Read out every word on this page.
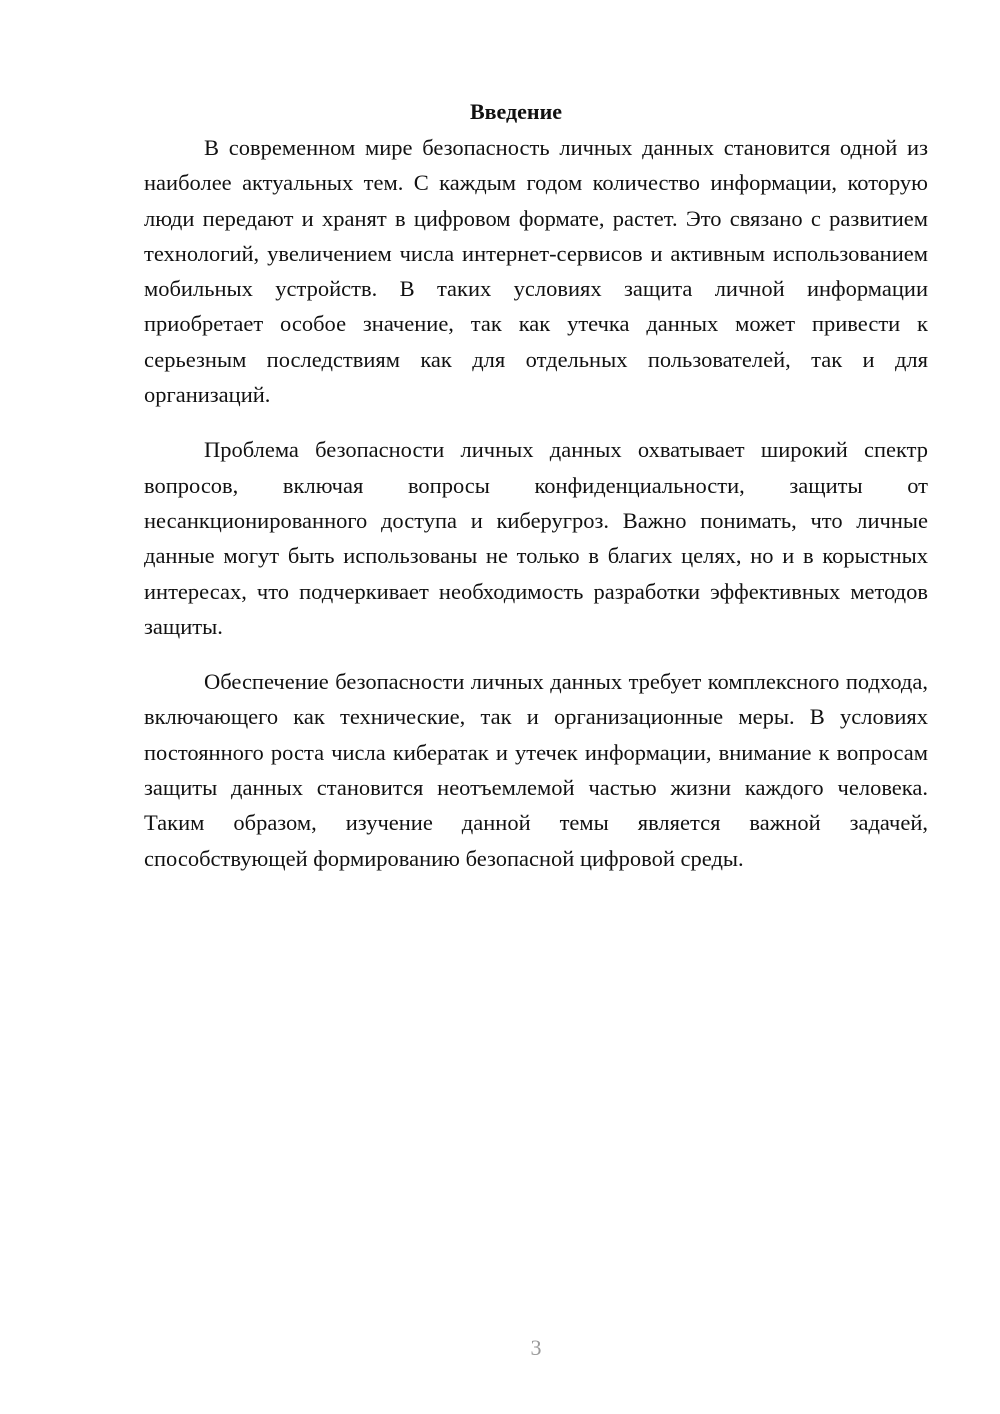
Введение

В современном мире безопасность личных данных становится одной из наиболее актуальных тем. С каждым годом количество информации, которую люди передают и хранят в цифровом формате, растет. Это связано с развитием технологий, увеличением числа интернет-сервисов и активным использованием мобильных устройств. В таких условиях защита личной информации приобретает особое значение, так как утечка данных может привести к серьезным последствиям как для отдельных пользователей, так и для организаций.

Проблема безопасности личных данных охватывает широкий спектр вопросов, включая вопросы конфиденциальности, защиты от несанкционированного доступа и киберугроз. Важно понимать, что личные данные могут быть использованы не только в благих целях, но и в корыстных интересах, что подчеркивает необходимость разработки эффективных методов защиты.

Обеспечение безопасности личных данных требует комплексного подхода, включающего как технические, так и организационные меры. В условиях постоянного роста числа кибератак и утечек информации, внимание к вопросам защиты данных становится неотъемлемой частью жизни каждого человека. Таким образом, изучение данной темы является важной задачей, способствующей формированию безопасной цифровой среды.

3
